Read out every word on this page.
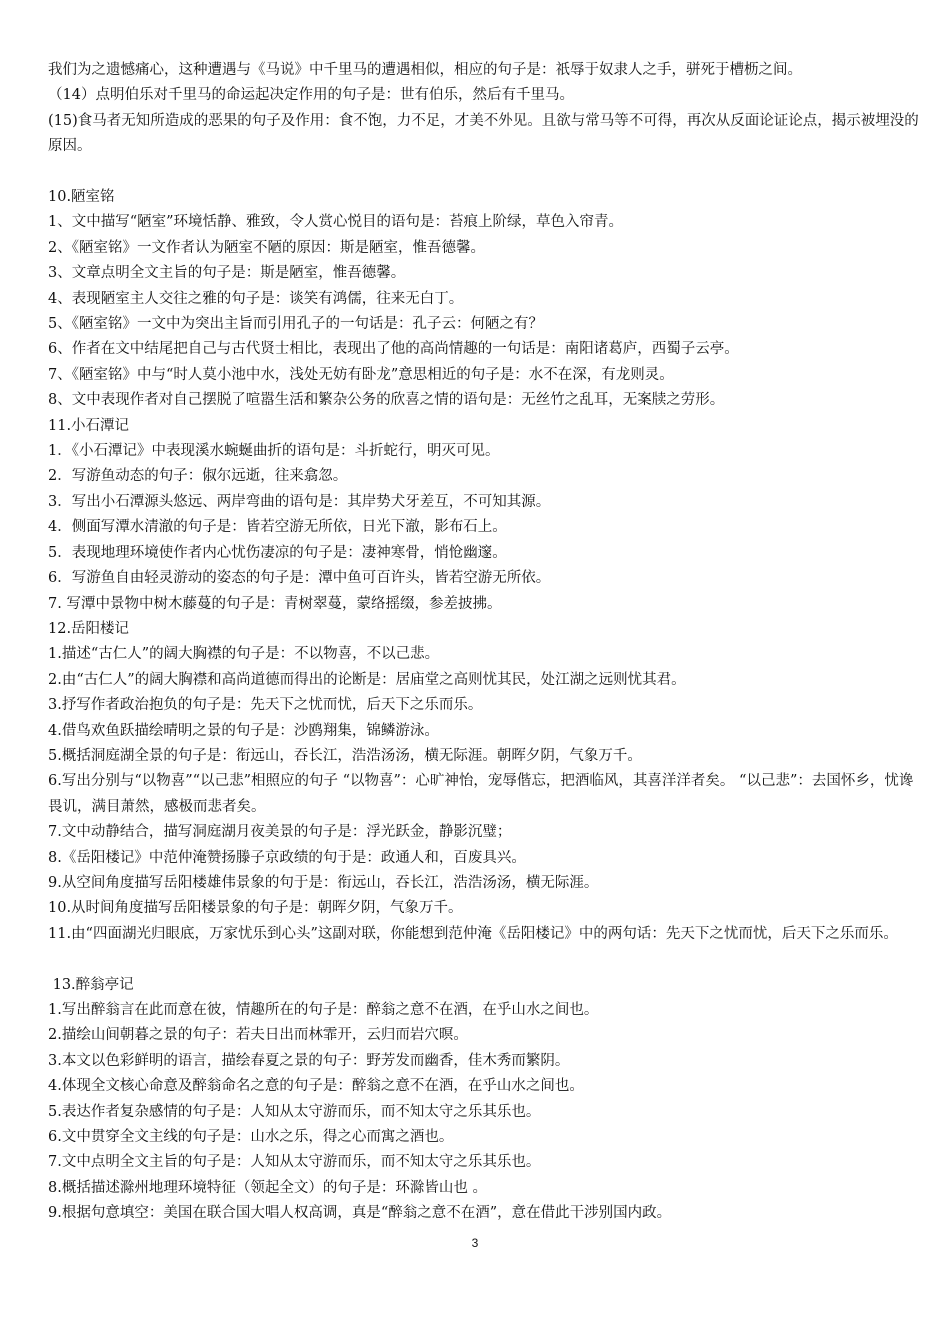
我们为之遗憾痛心，这种遭遇与《马说》中千里马的遭遇相似，相应的句子是：祇辱于奴隶人之手，骈死于槽枥之间。
（14）点明伯乐对千里马的命运起决定作用的句子是：世有伯乐，然后有千里马。
(15)食马者无知所造成的恶果的句子及作用：食不饱，力不足，才美不外见。且欲与常马等不可得，再次从反面论证论点，揭示被埋没的原因。
10.陋室铭
1、文中描写“陋室”环境恬静、雅致，令人赏心悦目的语句是：苔痕上阶绿，草色入帘青。
2、《陋室铭》一文作者认为陋室不陋的原因：斯是陋室，惟吾德馨。
3、文章点明全文主旨的句子是：斯是陋室，惟吾德馨。
4、表现陋室主人交往之雅的句子是：谈笑有鸿儒，往来无白丁。
5、《陋室铭》一文中为突出主旨而引用孔子的一句话是：孔子云：何陋之有？
6、作者在文中结尾把自己与古代贤士相比，表现出了他的高尚情趣的一句话是：南阳诸葛庐，西蜀子云亭。
7、《陋室铭》中与“时人莫小池中水，浅处无妨有卧龙”意思相近的句子是：水不在深，有龙则灵。
8、文中表现作者对自己摆脱了喧嚣生活和繁杂公务的欣喜之情的语句是：无丝竹之乱耳，无案牍之劳形。
11.小石潭记
1．《小石潭记》中表现溪水蜿蜒曲折的语句是：斗折蛇行，明灭可见。
2．写游鱼动态的句子：俶尔远逝，往来翕忽。
3．写出小石潭源头悠远、两岸弯曲的语句是：其岸势犬牙差互，不可知其源。
4．侧面写潭水清澈的句子是：皆若空游无所依，日光下澈，影布石上。
5．表现地理环境使作者内心忧伤凄凉的句子是：凄神寒骨，悄怆幽邃。
6．写游鱼自由轻灵游动的姿态的句子是：潭中鱼可百许头，皆若空游无所依。
7. 写潭中景物中树木藤蔓的句子是：青树翠蔓，蒙络摇缀，参差披拂。
12.岳阳楼记
1.描述“古仁人”的阔大胸襟的句子是：不以物喜，不以己悲。
2.由“古仁人”的阔大胸襟和高尚道德而得出的论断是：居庙堂之高则忧其民，处江湖之远则忧其君。
3.抒写作者政治抱负的句子是：先天下之忧而忧，后天下之乐而乐。
4.借鸟欢鱼跃描绘晴明之景的句子是：沙鸥翔集，锦鳞游泳。
5.概括洞庭湖全景的句子是：衔远山，吞长江，浩浩汤汤，横无际涯。朝晖夕阴，气象万千。
6.写出分别与“以物喜”“以己悲”相照应的句子 “以物喜”：心旷神怡，宠辱偕忘，把酒临风，其喜洋洋者矣。 “以己悲”：去国怀乡，忧谗畏讥，满目萧然，感极而悲者矣。
7.文中动静结合，描写洞庭湖月夜美景的句子是：浮光跃金，静影沉璧；
8.《岳阳楼记》中范仲淹赞扬滕子京政绩的句于是：政通人和，百废具兴。
9.从空间角度描写岳阳楼雄伟景象的句于是：衔远山，吞长江，浩浩汤汤，横无际涯。
10.从时间角度描写岳阳楼景象的句子是：朝晖夕阴，气象万千。
11.由“四面湖光归眼底，万家忧乐到心头”这副对联，你能想到范仲淹《岳阳楼记》中的两句话：先天下之忧而忧，后天下之乐而乐。
13.醉翁亭记
1.写出醉翁言在此而意在彼，情趣所在的句子是：醉翁之意不在酒，在乎山水之间也。
2.描绘山间朝暮之景的句子：若夫日出而林霏开，云归而岩穴暝。
3.本文以色彩鲜明的语言，描绘春夏之景的句子：野芳发而幽香，佳木秀而繁阴。
4.体现全文核心命意及醉翁命名之意的句子是：醉翁之意不在酒，在乎山水之间也。
5.表达作者复杂感情的句子是：人知从太守游而乐，而不知太守之乐其乐也。
6.文中贯穿全文主线的句子是：山水之乐，得之心而寓之酒也。
7.文中点明全文主旨的句子是：人知从太守游而乐，而不知太守之乐其乐也。
8.概括描述滁州地理环境特征（领起全文）的句子是：环滁皆山也 。
9.根据句意填空：美国在联合国大唱人权高调，真是“醉翁之意不在酒”，意在借此干涉别国内政。
3
